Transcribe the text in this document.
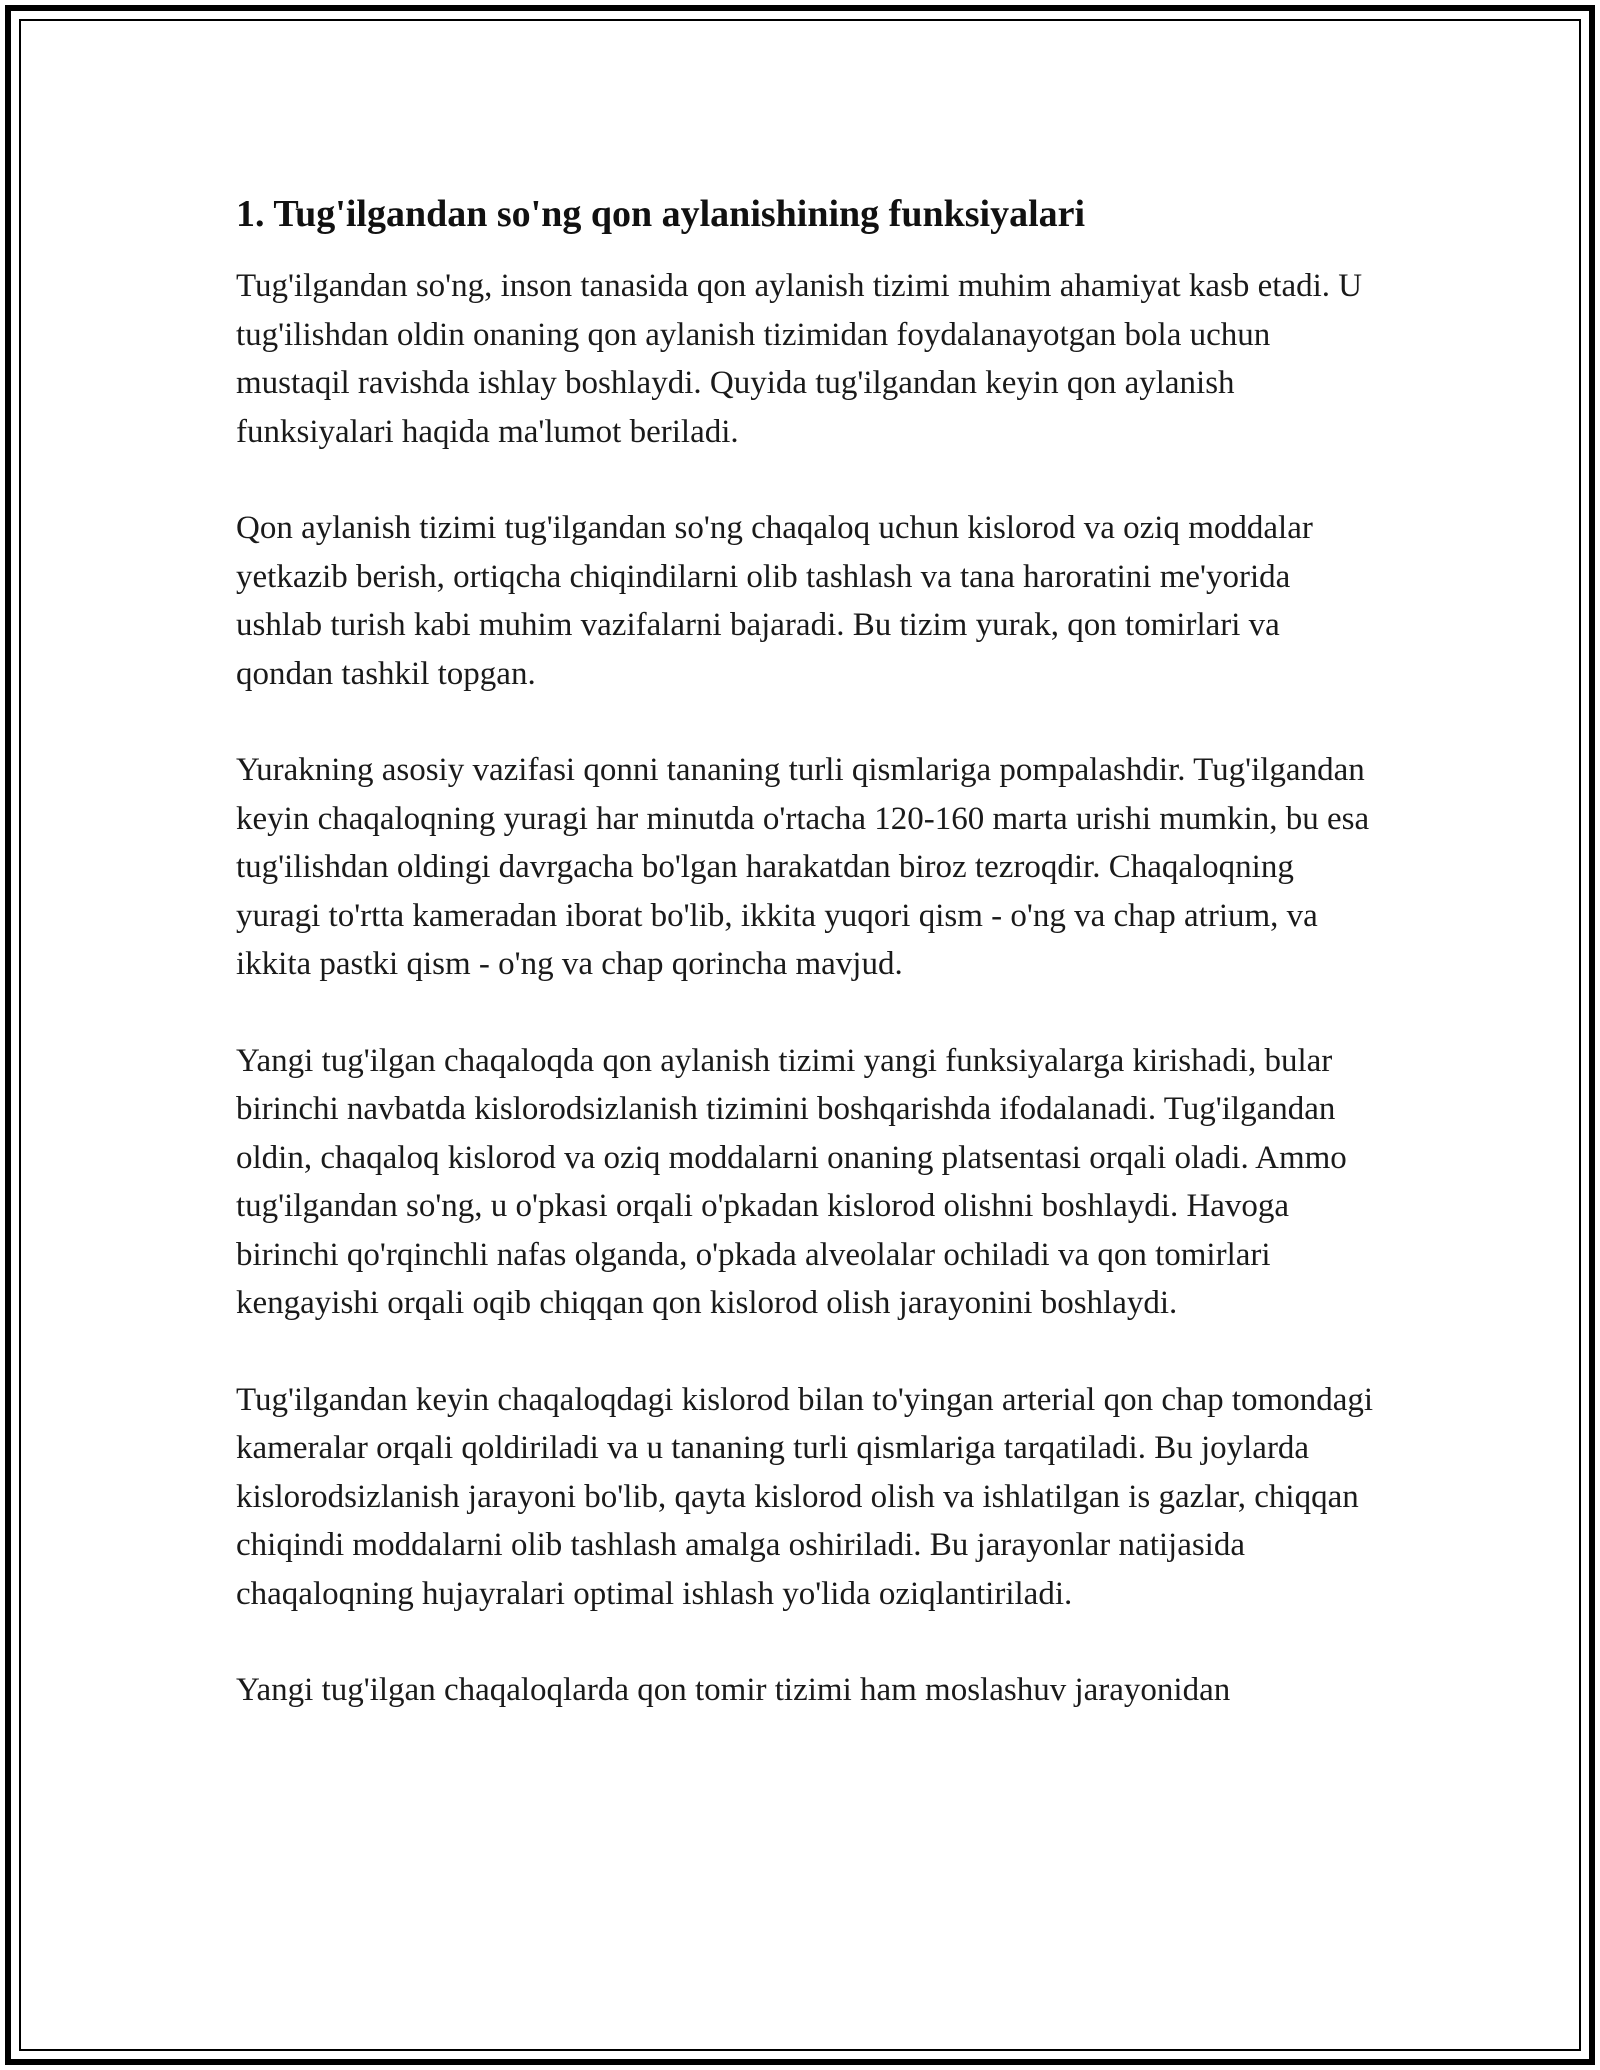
1. Tug'ilgandan so'ng qon aylanishining funksiyalari

Tug'ilgandan so'ng, inson tanasida qon aylanish tizimi muhim ahamiyat kasb etadi. U tug'ilishdan oldin onaning qon aylanish tizimidan foydalanayotgan bola uchun mustaqil ravishda ishlay boshlaydi. Quyida tug'ilgandan keyin qon aylanish funksiyalari haqida ma'lumot beriladi.

Qon aylanish tizimi tug'ilgandan so'ng chaqaloq uchun kislorod va oziq moddalar yetkazib berish, ortiqcha chiqindilarni olib tashlash va tana haroratini me'yorida ushlab turish kabi muhim vazifalarni bajaradi. Bu tizim yurak, qon tomirlari va qondan tashkil topgan.

Yurakning asosiy vazifasi qonni tananing turli qismlariga pompalashdir. Tug'ilgandan keyin chaqaloqning yuragi har minutda o'rtacha 120-160 marta urishi mumkin, bu esa tug'ilishdan oldingi davrgacha bo'lgan harakatdan biroz tezroqdir. Chaqaloqning yuragi to'rtta kameradan iborat bo'lib, ikkita yuqori qism - o'ng va chap atrium, va ikkita pastki qism - o'ng va chap qorincha mavjud.

Yangi tug'ilgan chaqaloqda qon aylanish tizimi yangi funksiyalarga kirishadi, bular birinchi navbatda kislorodsizlanish tizimini boshqarishda ifodalanadi. Tug'ilgandan oldin, chaqaloq kislorod va oziq moddalarni onaning platsentasi orqali oladi. Ammo tug'ilgandan so'ng, u o'pkasi orqali o'pkadan kislorod olishni boshlaydi. Havoga birinchi qo'rqinchli nafas olganda, o'pkada alveolalar ochiladi va qon tomirlari kengayishi orqali oqib chiqqan qon kislorod olish jarayonini boshlaydi.

Tug'ilgandan keyin chaqaloqdagi kislorod bilan to'yingan arterial qon chap tomondagi kameralar orqali qoldiriladi va u tananing turli qismlariga tarqatiladi. Bu joylarda kislorodsizlanish jarayoni bo'lib, qayta kislorod olish va ishlatilgan is gazlar, chiqqan chiqindi moddalarni olib tashlash amalga oshiriladi. Bu jarayonlar natijasida chaqaloqning hujayralari optimal ishlash yo'lida oziqlantiriladi.

Yangi tug'ilgan chaqaloqlarda qon tomir tizimi ham moslashuv jarayonidan
